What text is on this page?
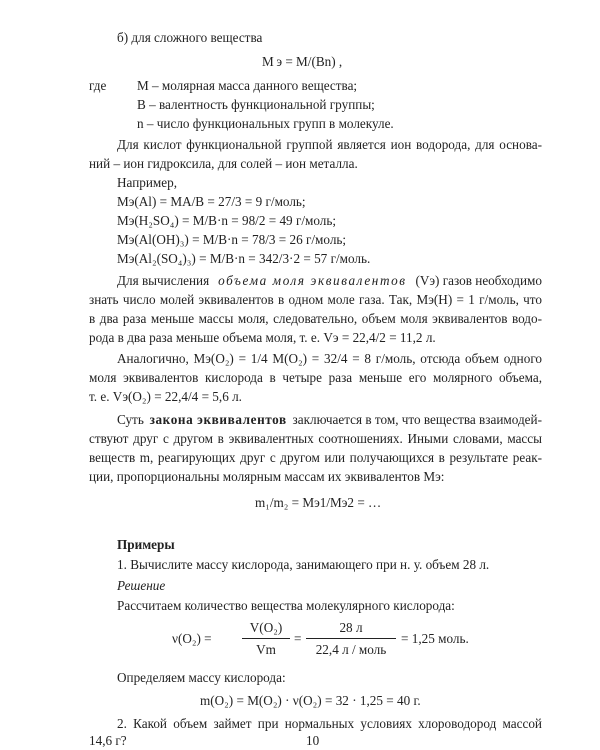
б) для сложного вещества
М э = М/(Вn) ,
где М – молярная масса данного вещества;
В – валентность функциональной группы;
n – число функциональных групп в молекуле.
Для кислот функциональной группой является ион водорода, для основа-
ний – ион гидроксила, для солей – ион металла.
Например,
Мэ(Al) = МA/В = 27/3 = 9 г/моль;
Мэ(H₂SO₄) = М/В·n = 98/2 = 49 г/моль;
Мэ(Al(OH)₃) = М/В·n = 78/3 = 26 г/моль;
Мэ(Al₂(SO₄)₃) = М/В·n = 342/3·2 = 57 г/моль.
Для вычисления объема моля эквивалентов (Vэ) газов необходимо
знать число молей эквивалентов в одном моле газа. Так, Мэ(Н) = 1 г/моль, что
в два раза меньше массы моля, следовательно, объем моля эквивалентов водо-
рода в два раза меньше объема моля, т. е. Vэ = 22,4/2 = 11,2 л.
Аналогично, Мэ(О₂) = 1/4 М(О₂) = 32/4 = 8 г/моль, отсюда объем одного
моля эквивалентов кислорода в четыре раза меньше его молярного объема,
т. е. Vэ(О₂) = 22,4/4 = 5,6 л.
Суть закона эквивалентов заключается в том, что вещества взаимодей-
ствуют друг с другом в эквивалентных соотношениях. Иными словами, массы
веществ m, реагирующих друг с другом или получающихся в результате реак-
ции, пропорциональны молярным массам их эквивалентов Мэ:
m₁/m₂ = Mэ1/Mэ2 = …
Примеры
1. Вычислите массу кислорода, занимающего при н. у. объем 28 л.
Решение
Рассчитаем количество вещества молекулярного кислорода:
ν(O₂) =
V(O₂)
Vm
=
28 л
22,4 л / моль
= 1,25 моль.
Определяем массу кислорода:
m(O₂) = M(O₂) · ν(O₂) = 32 · 1,25 = 40 г.
2. Какой объем займет при нормальных условиях хлороводород массой
14,6 г?	10
